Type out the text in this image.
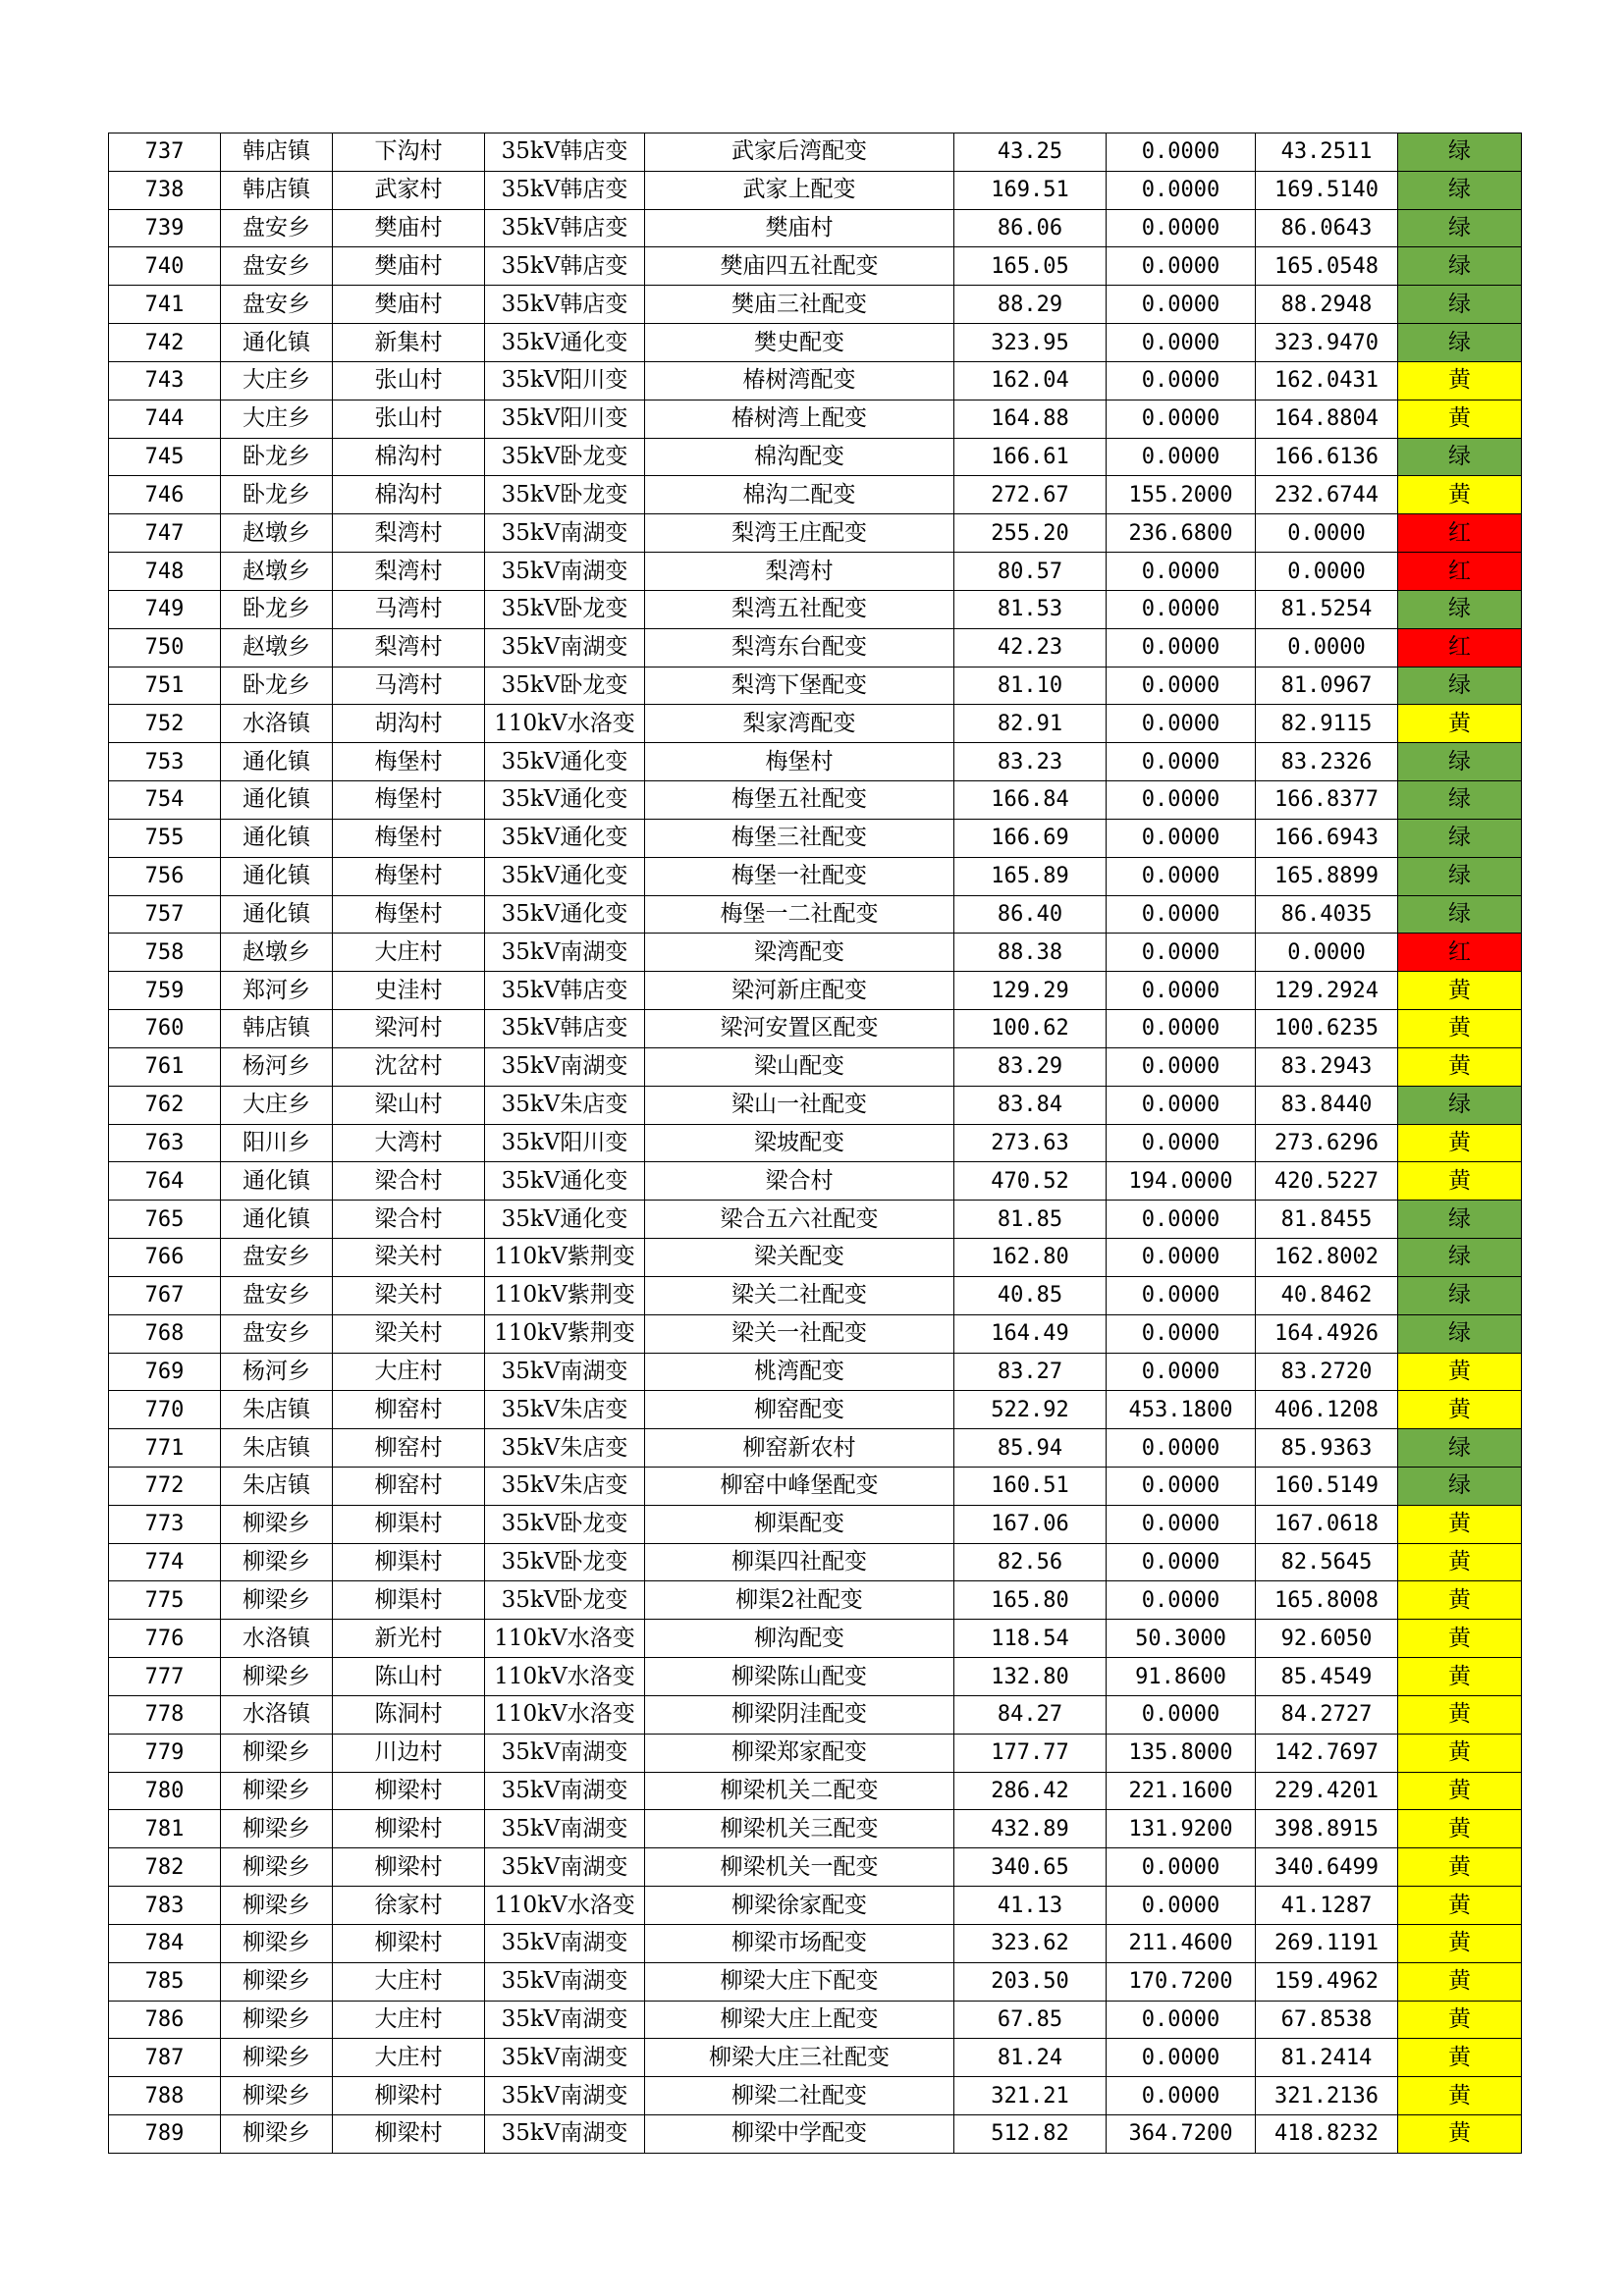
737	韩店镇	下沟村	35kV韩店变	武家后湾配变	43.25	0.0000	43.2511	绿
738	韩店镇	武家村	35kV韩店变	武家上配变	169.51	0.0000	169.5140	绿
739	盘安乡	樊庙村	35kV韩店变	樊庙村	86.06	0.0000	86.0643	绿
740	盘安乡	樊庙村	35kV韩店变	樊庙四五社配变	165.05	0.0000	165.0548	绿
741	盘安乡	樊庙村	35kV韩店变	樊庙三社配变	88.29	0.0000	88.2948	绿
742	通化镇	新集村	35kV通化变	樊史配变	323.95	0.0000	323.9470	绿
743	大庄乡	张山村	35kV阳川变	椿树湾配变	162.04	0.0000	162.0431	黄
744	大庄乡	张山村	35kV阳川变	椿树湾上配变	164.88	0.0000	164.8804	黄
745	卧龙乡	棉沟村	35kV卧龙变	棉沟配变	166.61	0.0000	166.6136	绿
746	卧龙乡	棉沟村	35kV卧龙变	棉沟二配变	272.67	155.2000	232.6744	黄
747	赵墩乡	梨湾村	35kV南湖变	梨湾王庄配变	255.20	236.6800	0.0000	红
748	赵墩乡	梨湾村	35kV南湖变	梨湾村	80.57	0.0000	0.0000	红
749	卧龙乡	马湾村	35kV卧龙变	梨湾五社配变	81.53	0.0000	81.5254	绿
750	赵墩乡	梨湾村	35kV南湖变	梨湾东台配变	42.23	0.0000	0.0000	红
751	卧龙乡	马湾村	35kV卧龙变	梨湾下堡配变	81.10	0.0000	81.0967	绿
752	水洛镇	胡沟村	110kV水洛变	梨家湾配变	82.91	0.0000	82.9115	黄
753	通化镇	梅堡村	35kV通化变	梅堡村	83.23	0.0000	83.2326	绿
754	通化镇	梅堡村	35kV通化变	梅堡五社配变	166.84	0.0000	166.8377	绿
755	通化镇	梅堡村	35kV通化变	梅堡三社配变	166.69	0.0000	166.6943	绿
756	通化镇	梅堡村	35kV通化变	梅堡一社配变	165.89	0.0000	165.8899	绿
757	通化镇	梅堡村	35kV通化变	梅堡一二社配变	86.40	0.0000	86.4035	绿
758	赵墩乡	大庄村	35kV南湖变	梁湾配变	88.38	0.0000	0.0000	红
759	郑河乡	史洼村	35kV韩店变	梁河新庄配变	129.29	0.0000	129.2924	黄
760	韩店镇	梁河村	35kV韩店变	梁河安置区配变	100.62	0.0000	100.6235	黄
761	杨河乡	沈岔村	35kV南湖变	梁山配变	83.29	0.0000	83.2943	黄
762	大庄乡	梁山村	35kV朱店变	梁山一社配变	83.84	0.0000	83.8440	绿
763	阳川乡	大湾村	35kV阳川变	梁坡配变	273.63	0.0000	273.6296	黄
764	通化镇	梁合村	35kV通化变	梁合村	470.52	194.0000	420.5227	黄
765	通化镇	梁合村	35kV通化变	梁合五六社配变	81.85	0.0000	81.8455	绿
766	盘安乡	梁关村	110kV紫荆变	梁关配变	162.80	0.0000	162.8002	绿
767	盘安乡	梁关村	110kV紫荆变	梁关二社配变	40.85	0.0000	40.8462	绿
768	盘安乡	梁关村	110kV紫荆变	梁关一社配变	164.49	0.0000	164.4926	绿
769	杨河乡	大庄村	35kV南湖变	桃湾配变	83.27	0.0000	83.2720	黄
770	朱店镇	柳窑村	35kV朱店变	柳窑配变	522.92	453.1800	406.1208	黄
771	朱店镇	柳窑村	35kV朱店变	柳窑新农村	85.94	0.0000	85.9363	绿
772	朱店镇	柳窑村	35kV朱店变	柳窑中峰堡配变	160.51	0.0000	160.5149	绿
773	柳梁乡	柳渠村	35kV卧龙变	柳渠配变	167.06	0.0000	167.0618	黄
774	柳梁乡	柳渠村	35kV卧龙变	柳渠四社配变	82.56	0.0000	82.5645	黄
775	柳梁乡	柳渠村	35kV卧龙变	柳渠2社配变	165.80	0.0000	165.8008	黄
776	水洛镇	新光村	110kV水洛变	柳沟配变	118.54	50.3000	92.6050	黄
777	柳梁乡	陈山村	110kV水洛变	柳梁陈山配变	132.80	91.8600	85.4549	黄
778	水洛镇	陈洞村	110kV水洛变	柳梁阴洼配变	84.27	0.0000	84.2727	黄
779	柳梁乡	川边村	35kV南湖变	柳梁郑家配变	177.77	135.8000	142.7697	黄
780	柳梁乡	柳梁村	35kV南湖变	柳梁机关二配变	286.42	221.1600	229.4201	黄
781	柳梁乡	柳梁村	35kV南湖变	柳梁机关三配变	432.89	131.9200	398.8915	黄
782	柳梁乡	柳梁村	35kV南湖变	柳梁机关一配变	340.65	0.0000	340.6499	黄
783	柳梁乡	徐家村	110kV水洛变	柳梁徐家配变	41.13	0.0000	41.1287	黄
784	柳梁乡	柳梁村	35kV南湖变	柳梁市场配变	323.62	211.4600	269.1191	黄
785	柳梁乡	大庄村	35kV南湖变	柳梁大庄下配变	203.50	170.7200	159.4962	黄
786	柳梁乡	大庄村	35kV南湖变	柳梁大庄上配变	67.85	0.0000	67.8538	黄
787	柳梁乡	大庄村	35kV南湖变	柳梁大庄三社配变	81.24	0.0000	81.2414	黄
788	柳梁乡	柳梁村	35kV南湖变	柳梁二社配变	321.21	0.0000	321.2136	黄
789	柳梁乡	柳梁村	35kV南湖变	柳梁中学配变	512.82	364.7200	418.8232	黄
